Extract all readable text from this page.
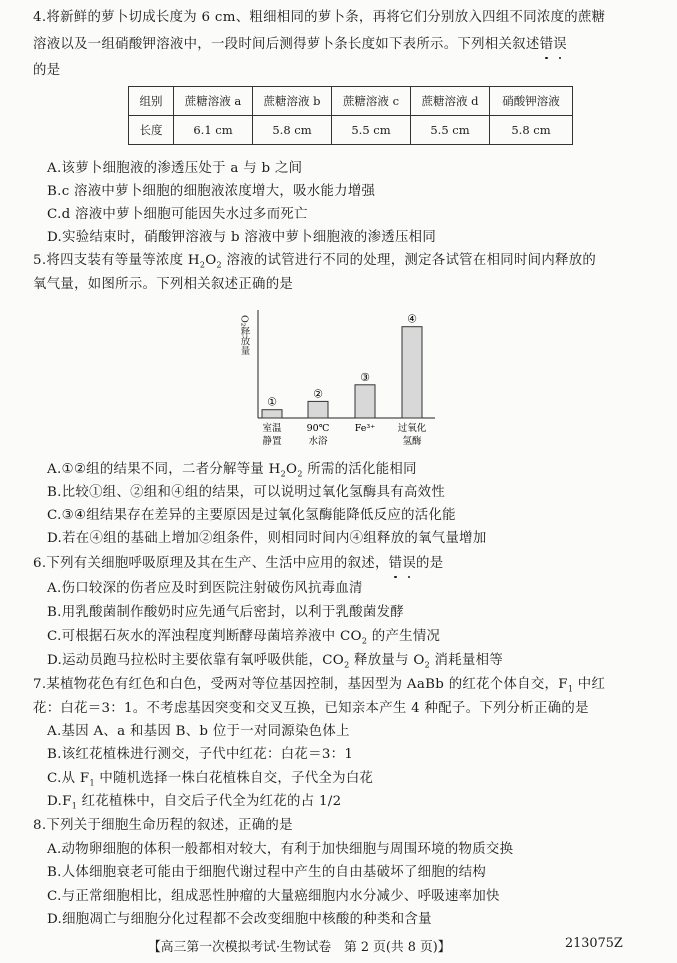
4.将新鲜的萝卜切成长度为 6 cm、粗细相同的萝卜条，再将它们分别放入四组不同浓度的蔗糖
溶液以及一组硝酸钾溶液中，一段时间后测得萝卜条长度如下表所示。下列相关叙述错误
的是
组别	蔗糖溶液 a	蔗糖溶液 b	蔗糖溶液 c	蔗糖溶液 d	硝酸钾溶液
长度	6.1 cm	5.8 cm	5.5 cm	5.5 cm	5.8 cm
A.该萝卜细胞液的渗透压处于 a 与 b 之间
B.c 溶液中萝卜细胞的细胞液浓度增大，吸水能力增强
C.d 溶液中萝卜细胞可能因失水过多而死亡
D.实验结束时，硝酸钾溶液与 b 溶液中萝卜细胞液的渗透压相同
5.将四支装有等量等浓度 $H_2O_2$ 溶液的试管进行不同的处理，测定各试管在相同时间内释放的
氧气量，如图所示。下列相关叙述正确的是
O₂释放量
①
室温
静置
②
90℃
水浴
③
Fe³⁺
④
过氧化
氢酶
A.①②组的结果不同，二者分解等量 $H_2O_2$ 所需的活化能相同
B.比较①组、②组和④组的结果，可以说明过氧化氢酶具有高效性
C.③④组结果存在差异的主要原因是过氧化氢酶能降低反应的活化能
D.若在④组的基础上增加②组条件，则相同时间内④组释放的氧气量增加
6.下列有关细胞呼吸原理及其在生产、生活中应用的叙述，错误的是
A.伤口较深的伤者应及时到医院注射破伤风抗毒血清
B.用乳酸菌制作酸奶时应先通气后密封，以利于乳酸菌发酵
C.可根据石灰水的浑浊程度判断酵母菌培养液中 $CO_2$ 的产生情况
D.运动员跑马拉松时主要依靠有氧呼吸供能，$CO_2$ 释放量与 $O_2$ 消耗量相等
7.某植物花色有红色和白色，受两对等位基因控制，基因型为 AaBb 的红花个体自交，$F_1$ 中红
花：白花＝3：1。不考虑基因突变和交叉互换，已知亲本产生 4 种配子。下列分析正确的是
A.基因 A、a 和基因 B、b 位于一对同源染色体上
B.该红花植株进行测交，子代中红花：白花＝3：1
C.从 $F_1$ 中随机选择一株白花植株自交，子代全为白花
$D.F_1$ 红花植株中，自交后子代全为红花的占 1/2
8.下列关于细胞生命历程的叙述，正确的是
A.动物卵细胞的体积一般都相对较大，有利于加快细胞与周围环境的物质交换
B.人体细胞衰老可能由于细胞代谢过程中产生的自由基破坏了细胞的结构
C.与正常细胞相比，组成恶性肿瘤的大量癌细胞内水分减少、呼吸速率加快
D.细胞凋亡与细胞分化过程都不会改变细胞中核酸的种类和含量
【高三第一次模拟考试·生物试卷　第 2 页(共 8 页)】	213075Z
